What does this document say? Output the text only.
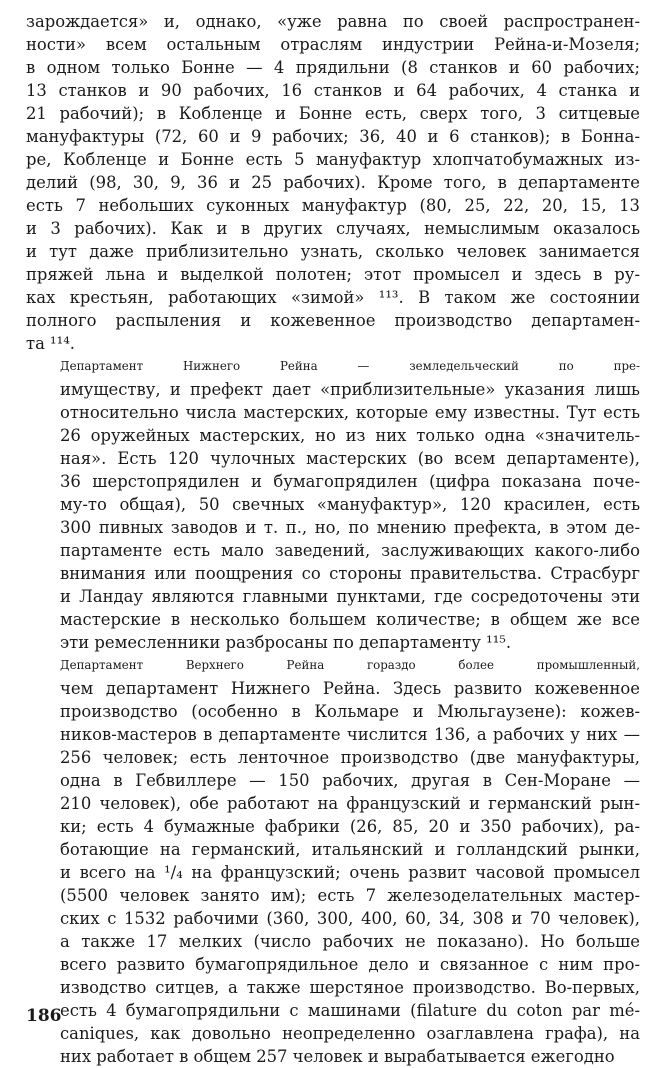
зарождается» и, однако, «уже равна по своей распространен-
ности» всем остальным отраслям индустрии Рейна-и-Мозеля;
в одном только Бонне — 4 прядильни (8 станков и 60 рабочих;
13 станков и 90 рабочих, 16 станков и 64 рабочих, 4 станка и
21 рабочий); в Кобленце и Бонне есть, сверх того, 3 ситцевые
мануфактуры (72, 60 и 9 рабочих; 36, 40 и 6 станков); в Бонна-
ре, Кобленце и Бонне есть 5 мануфактур хлопчатобумажных из-
делий (98, 30, 9, 36 и 25 рабочих). Кроме того, в департаменте
есть 7 небольших суконных мануфактур (80, 25, 22, 20, 15, 13
и 3 рабочих). Как и в других случаях, немыслимым оказалось
и тут даже приблизительно узнать, сколько человек занимается
пряжей льна и выделкой полотен; этот промысел и здесь в ру-
ках крестьян, работающих «зимой» ¹¹³. В таком же состоянии
полного распыления и кожевенное производство департамен-
та ¹¹⁴.

Департамент Нижнего Рейна — земледельческий по пре-
имуществу, и префект дает «приблизительные» указания лишь
относительно числа мастерских, которые ему известны. Тут есть
26 оружейных мастерских, но из них только одна «значитель-
ная». Есть 120 чулочных мастерских (во всем департаменте),
36 шерстопрядилен и бумагопрядилен (цифра показана поче-
му-то общая), 50 свечных «мануфактур», 120 красилен, есть
300 пивных заводов и т. п., но, по мнению префекта, в этом де-
партаменте есть мало заведений, заслуживающих какого-либо
внимания или поощрения со стороны правительства. Страсбург
и Ландау являются главными пунктами, где сосредоточены эти
мастерские в несколько большем количестве; в общем же все
эти ремесленники разбросаны по департаменту ¹¹⁵.

Департамент Верхнего Рейна гораздо более промышленный,
чем департамент Нижнего Рейна. Здесь развито кожевенное
производство (особенно в Кольмаре и Мюльгаузене): кожев-
ников-мастеров в департаменте числится 136, а рабочих у них —
256 человек; есть ленточное производство (две мануфактуры,
одна в Гебвиллере — 150 рабочих, другая в Сен-Моране —
210 человек), обе работают на французский и германский рын-
ки; есть 4 бумажные фабрики (26, 85, 20 и 350 рабочих), ра-
ботающие на германский, итальянский и голландский рынки,
и всего на ¹/₄ на французский; очень развит часовой промысел
(5500 человек занято им); есть 7 железоделательных мастер-
ских с 1532 рабочими (360, 300, 400, 60, 34, 308 и 70 человек),
а также 17 мелких (число рабочих не показано). Но больше
всего развито бумагопрядильное дело и связанное с ним про-
изводство ситцев, а также шерстяное производство. Во-первых,
есть 4 бумагопрядильни с машинами (filature du coton par mé-
caniques, как довольно неопределенно озаглавлена графа), на
них работает в общем 257 человек и вырабатывается ежегодно

186
